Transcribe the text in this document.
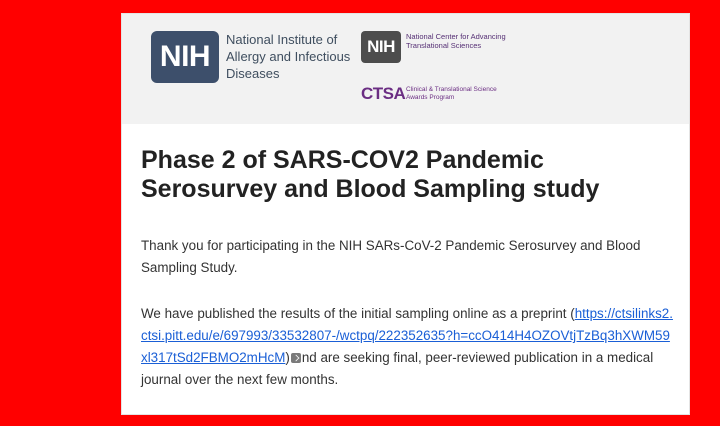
NIH
National Institute of Allergy and Infectious Diseases
NIH
National Center for Advancing Translational Sciences
CTSA Clinical & Translational Science Awards Program
Phase 2 of SARS-COV2 Pandemic Serosurvey and Blood Sampling study

Thank you for participating in the NIH SARs-CoV-2 Pandemic Serosurvey and Blood Sampling Study.

We have published the results of the initial sampling online as a preprint (https://ctsilinks2.ctsi.pitt.edu/e/697993/33532807-/wctpq/222352635?h=ccO414H4OZOVtjTzBq3hXWM59xl317tSd2FBMO2mHcM) nd are seeking final, peer-reviewed publication in a medical journal over the next few months.
